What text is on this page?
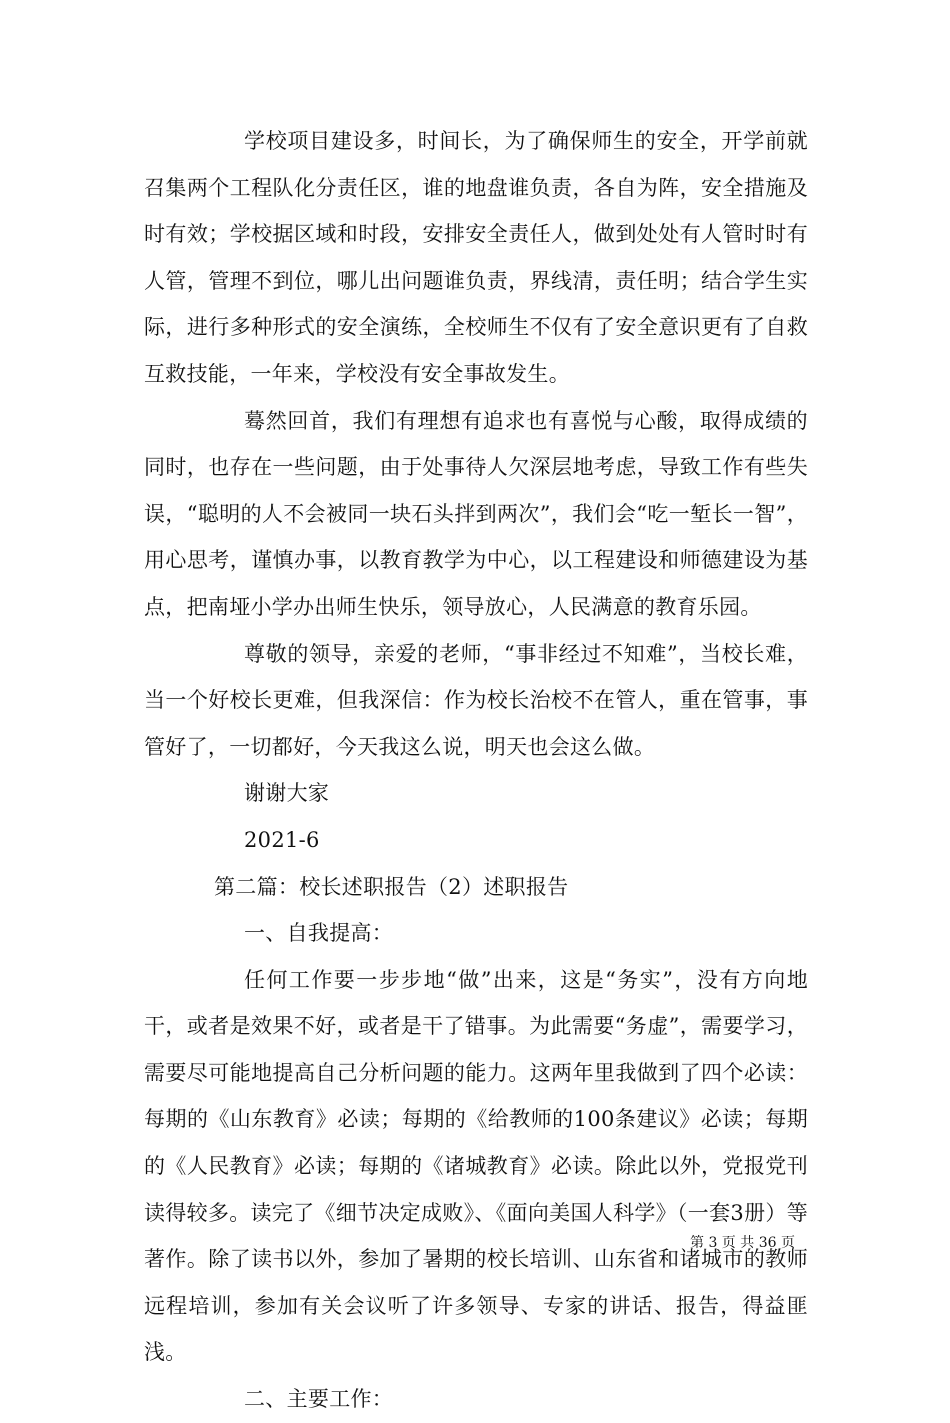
学校项目建设多，时间长，为了确保师生的安全，开学前就召集两个工程队化分责任区，谁的地盘谁负责，各自为阵，安全措施及时有效；学校据区域和时段，安排安全责任人，做到处处有人管时时有人管，管理不到位，哪儿出问题谁负责，界线清，责任明；结合学生实际，进行多种形式的安全演练，全校师生不仅有了安全意识更有了自救互救技能，一年来，学校没有安全事故发生。

蓦然回首，我们有理想有追求也有喜悦与心酸，取得成绩的同时，也存在一些问题，由于处事待人欠深层地考虑，导致工作有些失误，“聪明的人不会被同一块石头拌到两次”，我们会“吃一堑长一智”，用心思考，谨慎办事，以教育教学为中心，以工程建设和师德建设为基点，把南垭小学办出师生快乐，领导放心，人民满意的教育乐园。

尊敬的领导，亲爱的老师，“事非经过不知难”，当校长难，当一个好校长更难，但我深信：作为校长治校不在管人，重在管事，事管好了，一切都好，今天我这么说，明天也会这么做。

谢谢大家

2021-6

第二篇：校长述职报告（2）述职报告

一、自我提高：

任何工作要一步步地“做”出来，这是“务实”，没有方向地干，或者是效果不好，或者是干了错事。为此需要“务虚”，需要学习，需要尽可能地提高自己分析问题的能力。这两年里我做到了四个必读：每期的《山东教育》必读；每期的《给教师的100条建议》必读；每期的《人民教育》必读；每期的《诸城教育》必读。除此以外，党报党刊读得较多。读完了《细节决定成败》、《面向美国人科学》（一套3册）等著作。除了读书以外，参加了暑期的校长培训、山东省和诸城市的教师远程培训，参加有关会议听了许多领导、专家的讲话、报告，得益匪浅。

二、主要工作：

第 3 页 共 36 页
